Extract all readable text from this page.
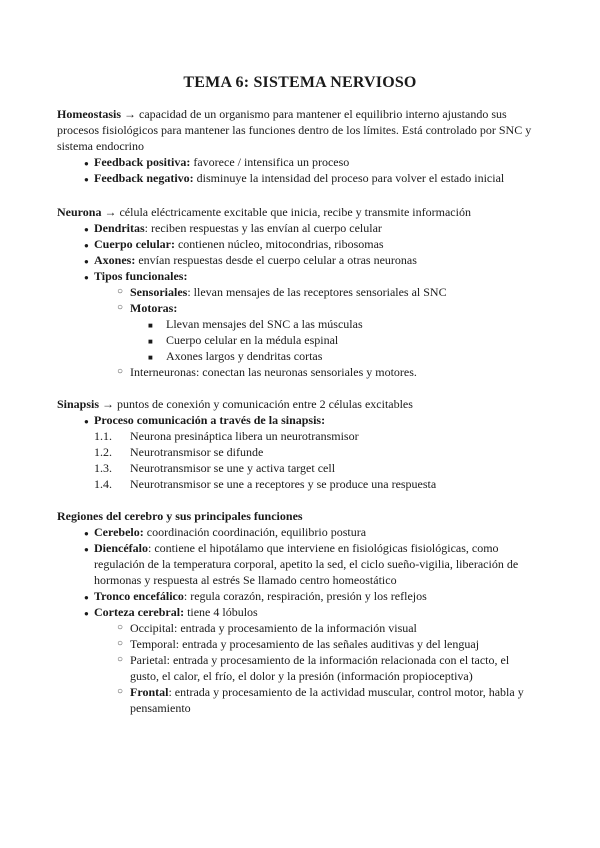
TEMA 6: SISTEMA NERVIOSO
Homeostasis → capacidad de un organismo para mantener el equilibrio interno ajustando sus
procesos fisiológicos para mantener las funciones dentro de los límites. Está controlado por SNC y
sistema endocrino
● Feedback positiva: favorece / intensifica un proceso
● Feedback negativo: disminuye la intensidad del proceso para volver el estado inicial
Neurona → célula eléctricamente excitable que inicia, recibe y transmite información
● Dendritas: reciben respuestas y las envían al cuerpo celular
● Cuerpo celular: contienen núcleo, mitocondrias, ribosomas
● Axones: envían respuestas desde el cuerpo celular a otras neuronas
● Tipos funcionales:
○ Sensoriales: llevan mensajes de las receptores sensoriales al SNC
○ Motoras:
■ Llevan mensajes del SNC a las músculas
■ Cuerpo celular en la médula espinal
■ Axones largos y dendritas cortas
○ Interneuronas: conectan las neuronas sensoriales y motores.
Sinapsis → puntos de conexión y comunicación entre 2 células excitables
● Proceso comunicación a través de la sinapsis:
1.1. Neurona presináptica libera un neurotransmisor
1.2. Neurotransmisor se difunde
1.3. Neurotransmisor se une y activa target cell
1.4. Neurotransmisor se une a receptores y se produce una respuesta
Regiones del cerebro y sus principales funciones
● Cerebelo: coordinación coordinación, equilibrio postura
● Diencéfalo: contiene el hipotálamo que interviene en fisiológicas fisiológicas, como
regulación de la temperatura corporal, apetito la sed, el ciclo sueño-vigilia, liberación de
hormonas y respuesta al estrés Se llamado centro homeostático
● Tronco encefálico: regula corazón, respiración, presión y los reflejos
● Corteza cerebral: tiene 4 lóbulos
○ Occipital: entrada y procesamiento de la información visual
○ Temporal: entrada y procesamiento de las señales auditivas y del lenguaj
○ Parietal: entrada y procesamiento de la información relacionada con el tacto, el
gusto, el calor, el frío, el dolor y la presión (información propioceptiva)
○ Frontal: entrada y procesamiento de la actividad muscular, control motor, habla y
pensamiento
